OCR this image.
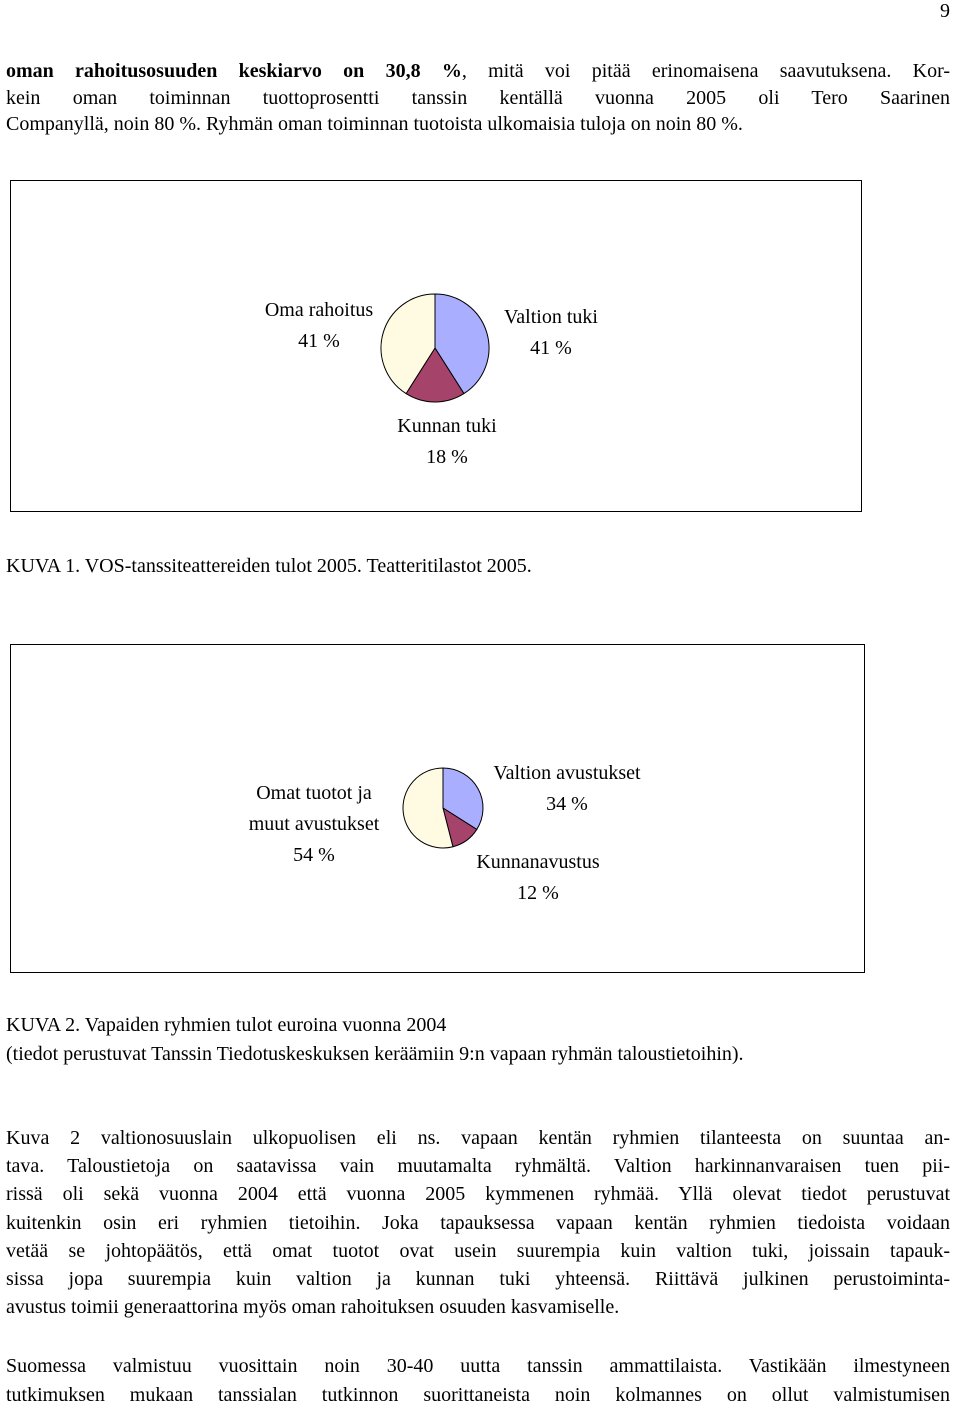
9
oman rahoitusosuuden keskiarvo on 30,8 %, mitä voi pitää erinomaisena saavutuksena. Kor-
kein oman toiminnan tuottoprosentti tanssin kentällä vuonna 2005 oli Tero Saarinen
Companyllä, noin 80 %. Ryhmän oman toiminnan tuotoista ulkomaisia tuloja on noin 80 %.
Valtion tuki 41 %
Kunnan tuki 18 %
Oma rahoitus 41 %
KUVA 1. VOS-tanssiteattereiden tulot 2005. Teatteritilastot 2005.
Valtion avustukset 34 %
Kunnanavustus 12 %
Omat tuotot ja muut avustukset 54 %
KUVA 2. Vapaiden ryhmien tulot euroina vuonna 2004
(tiedot perustuvat Tanssin Tiedotuskeskuksen keräämiin 9:n vapaan ryhmän taloustietoihin).
Kuva 2 valtionosuuslain ulkopuolisen eli ns. vapaan kentän ryhmien tilanteesta on suuntaa an-
tava. Taloustietoja on saatavissa vain muutamalta ryhmältä. Valtion harkinnanvaraisen tuen pii-
rissä oli sekä vuonna 2004 että vuonna 2005 kymmenen ryhmää. Yllä olevat tiedot perustuvat
kuitenkin osin eri ryhmien tietoihin. Joka tapauksessa vapaan kentän ryhmien tiedoista voidaan
vetää se johtopäätös, että omat tuotot ovat usein suurempia kuin valtion tuki, joissain tapauk-
sissa jopa suurempia kuin valtion ja kunnan tuki yhteensä. Riittävä julkinen perustoiminta-
avustus toimii generaattorina myös oman rahoituksen osuuden kasvamiselle.
Suomessa valmistuu vuosittain noin 30-40 uutta tanssin ammattilaista. Vastikään ilmestyneen
tutkimuksen mukaan tanssialan tutkinnon suorittaneista noin kolmannes on ollut valmistumisen
